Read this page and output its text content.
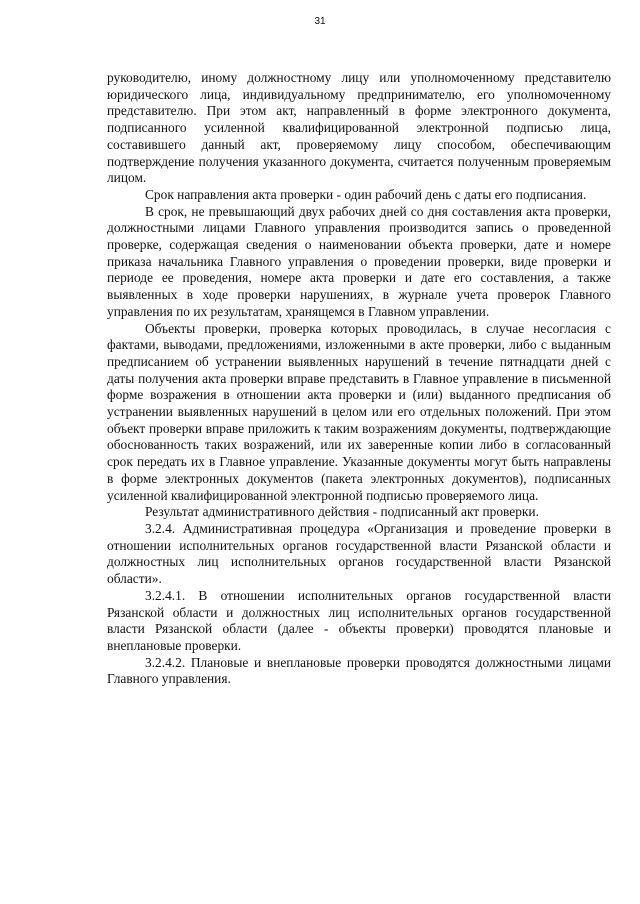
31

руководителю, иному должностному лицу или уполномоченному представителю юридического лица, индивидуальному предпринимателю, его уполномоченному представителю. При этом акт, направленный в форме электронного документа, подписанного усиленной квалифицированной электронной подписью лица, составившего данный акт, проверяемому лицу способом, обеспечивающим подтверждение получения указанного документа, считается полученным проверяемым лицом.

Срок направления акта проверки - один рабочий день с даты его подписания.

В срок, не превышающий двух рабочих дней со дня составления акта проверки, должностными лицами Главного управления производится запись о проведенной проверке, содержащая сведения о наименовании объекта проверки, дате и номере приказа начальника Главного управления о проведении проверки, виде проверки и периоде ее проведения, номере акта проверки и дате его составления, а также выявленных в ходе проверки нарушениях, в журнале учета проверок Главного управления по их результатам, хранящемся в Главном управлении.

Объекты проверки, проверка которых проводилась, в случае несогласия с фактами, выводами, предложениями, изложенными в акте проверки, либо с выданным предписанием об устранении выявленных нарушений в течение пятнадцати дней с даты получения акта проверки вправе представить в Главное управление в письменной форме возражения в отношении акта проверки и (или) выданного предписания об устранении выявленных нарушений в целом или его отдельных положений. При этом объект проверки вправе приложить к таким возражениям документы, подтверждающие обоснованность таких возражений, или их заверенные копии либо в согласованный срок передать их в Главное управление. Указанные документы могут быть направлены в форме электронных документов (пакета электронных документов), подписанных усиленной квалифицированной электронной подписью проверяемого лица.

Результат административного действия - подписанный акт проверки.

3.2.4. Административная процедура «Организация и проведение проверки в отношении исполнительных органов государственной власти Рязанской области и должностных лиц исполнительных органов государственной власти Рязанской области».

3.2.4.1. В отношении исполнительных органов государственной власти Рязанской области и должностных лиц исполнительных органов государственной власти Рязанской области (далее - объекты проверки) проводятся плановые и внеплановые проверки.

3.2.4.2. Плановые и внеплановые проверки проводятся должностными лицами Главного управления.
